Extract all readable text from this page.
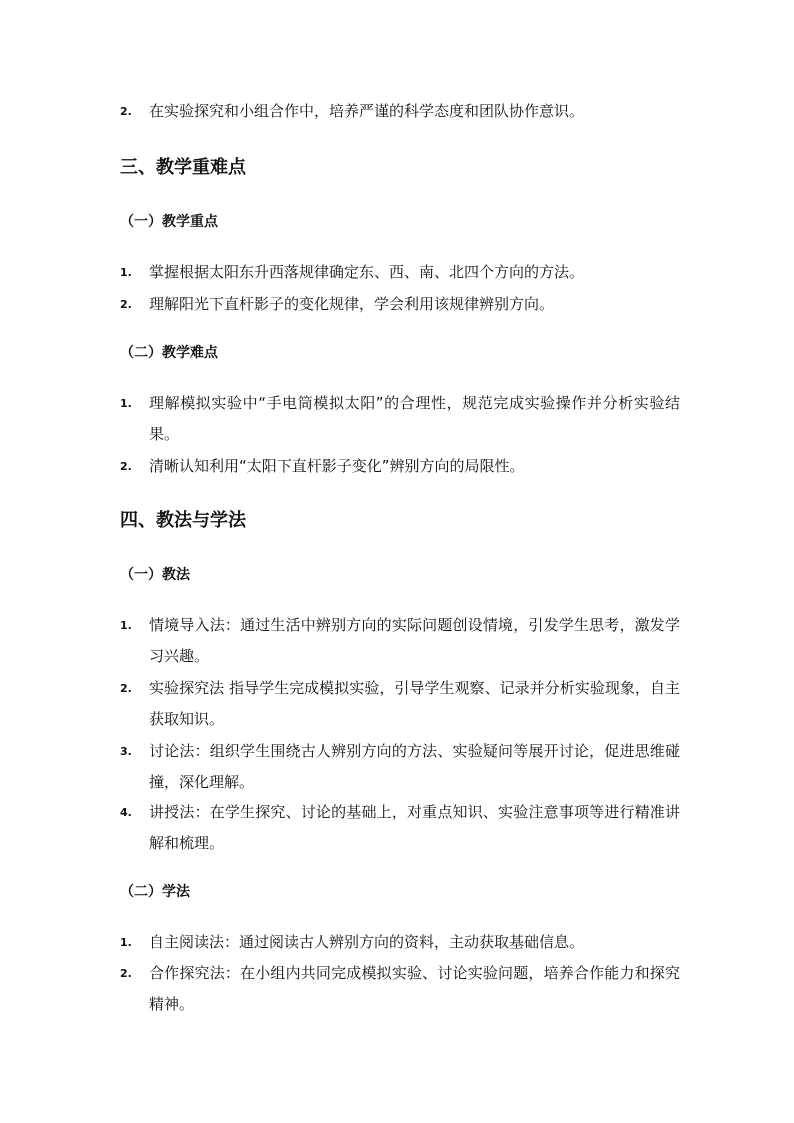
2. 在实验探究和小组合作中，培养严谨的科学态度和团队协作意识。
三、教学重难点
（一）教学重点
1. 掌握根据太阳东升西落规律确定东、西、南、北四个方向的方法。
2. 理解阳光下直杆影子的变化规律，学会利用该规律辨别方向。
（二）教学难点
1. 理解模拟实验中“手电筒模拟太阳”的合理性，规范完成实验操作并分析实验结果。
2. 清晰认知利用“太阳下直杆影子变化”辨别方向的局限性。
四、教法与学法
（一）教法
1. 情境导入法：通过生活中辨别方向的实际问题创设情境，引发学生思考，激发学习兴趣。
2. 实验探究法 指导学生完成模拟实验，引导学生观察、记录并分析实验现象，自主获取知识。
3. 讨论法：组织学生围绕古人辨别方向的方法、实验疑问等展开讨论，促进思维碰撞，深化理解。
4. 讲授法：在学生探究、讨论的基础上，对重点知识、实验注意事项等进行精准讲解和梳理。
（二）学法
1. 自主阅读法：通过阅读古人辨别方向的资料，主动获取基础信息。
2. 合作探究法：在小组内共同完成模拟实验、讨论实验问题，培养合作能力和探究精神。
